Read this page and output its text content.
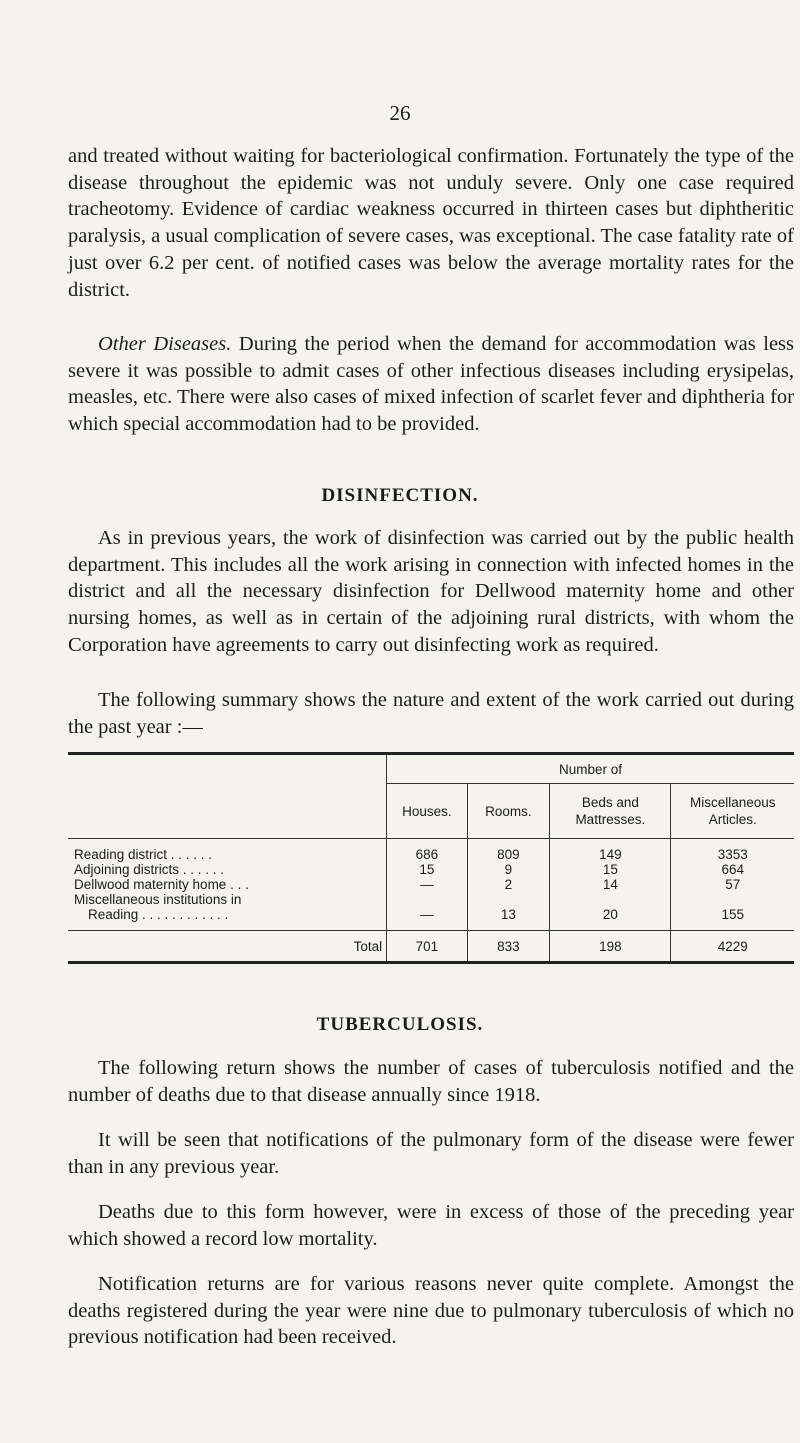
26

and treated without waiting for bacteriological confirmation. Fortunately the type of the disease throughout the epidemic was not unduly severe. Only one case required tracheotomy. Evidence of cardiac weakness occurred in thirteen cases but diphtheritic paralysis, a usual complication of severe cases, was exceptional. The case fatality rate of just over 6.2 per cent. of notified cases was below the average mortality rates for the district.

Other Diseases. During the period when the demand for accommodation was less severe it was possible to admit cases of other infectious diseases including erysipelas, measles, etc. There were also cases of mixed infection of scarlet fever and diphtheria for which special accommodation had to be provided.

DISINFECTION.

As in previous years, the work of disinfection was carried out by the public health department. This includes all the work arising in connection with infected homes in the district and all the necessary disinfection for Dellwood maternity home and other nursing homes, as well as in certain of the adjoining rural districts, with whom the Corporation have agreements to carry out disinfecting work as required.

The following summary shows the nature and extent of the work carried out during the past year :—

	Number of			
	Houses.	Rooms.	Beds and Mattresses.	Miscellaneous Articles.

Reading district . . . . . .	686	809	149	3353
Adjoining districts . . . . . .	15	9	15	664
Dellwood maternity home . . .	—	2	14	57
Miscellaneous institutions in				
Reading . . . . . . . . . . . .	—	13	20	155

Total	701	833	198	4229
TUBERCULOSIS.

The following return shows the number of cases of tuberculosis notified and the number of deaths due to that disease annually since 1918.

It will be seen that notifications of the pulmonary form of the disease were fewer than in any previous year.

Deaths due to this form however, were in excess of those of the preceding year which showed a record low mortality.

Notification returns are for various reasons never quite complete. Amongst the deaths registered during the year were nine due to pulmonary tuberculosis of which no previous notification had been received.
